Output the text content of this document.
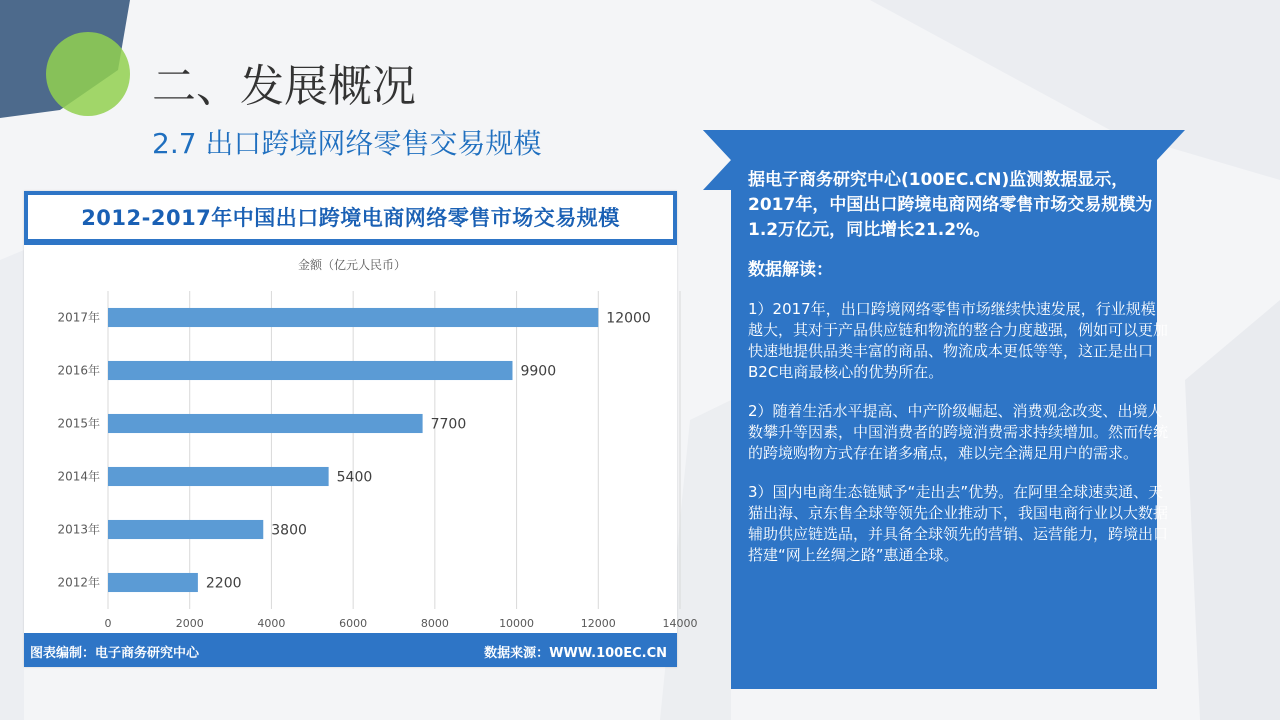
二、发展概况
2.7 出口跨境网络零售交易规模
2012-2017年中国出口跨境电商网络零售市场交易规模
金额（亿元人民币）
2017年
2016年
2015年
2014年
2013年
2012年
12000
9900
7700
5400
3800
2200
0	2000	4000	6000	8000	10000	12000	14000
图表编制：电子商务研究中心	数据来源：WWW.100EC.CN

据电子商务研究中心(100EC.CN)监测数据显示，2017年，中国出口跨境电商网络零售市场交易规模为1.2万亿元，同比增长21.2%。

数据解读：

1）2017年，出口跨境网络零售市场继续快速发展，行业规模越大，其对于产品供应链和物流的整合力度越强，例如可以更加快速地提供品类丰富的商品、物流成本更低等等，这正是出口B2C电商最核心的优势所在。

2）随着生活水平提高、中产阶级崛起、消费观念改变、出境人数攀升等因素，中国消费者的跨境消费需求持续增加。然而传统的跨境购物方式存在诸多痛点，难以完全满足用户的需求。

3）国内电商生态链赋予“走出去”优势。在阿里全球速卖通、天猫出海、京东售全球等领先企业推动下，我国电商行业以大数据辅助供应链选品，并具备全球领先的营销、运营能力，跨境出口搭建“网上丝绸之路”惠通全球。
